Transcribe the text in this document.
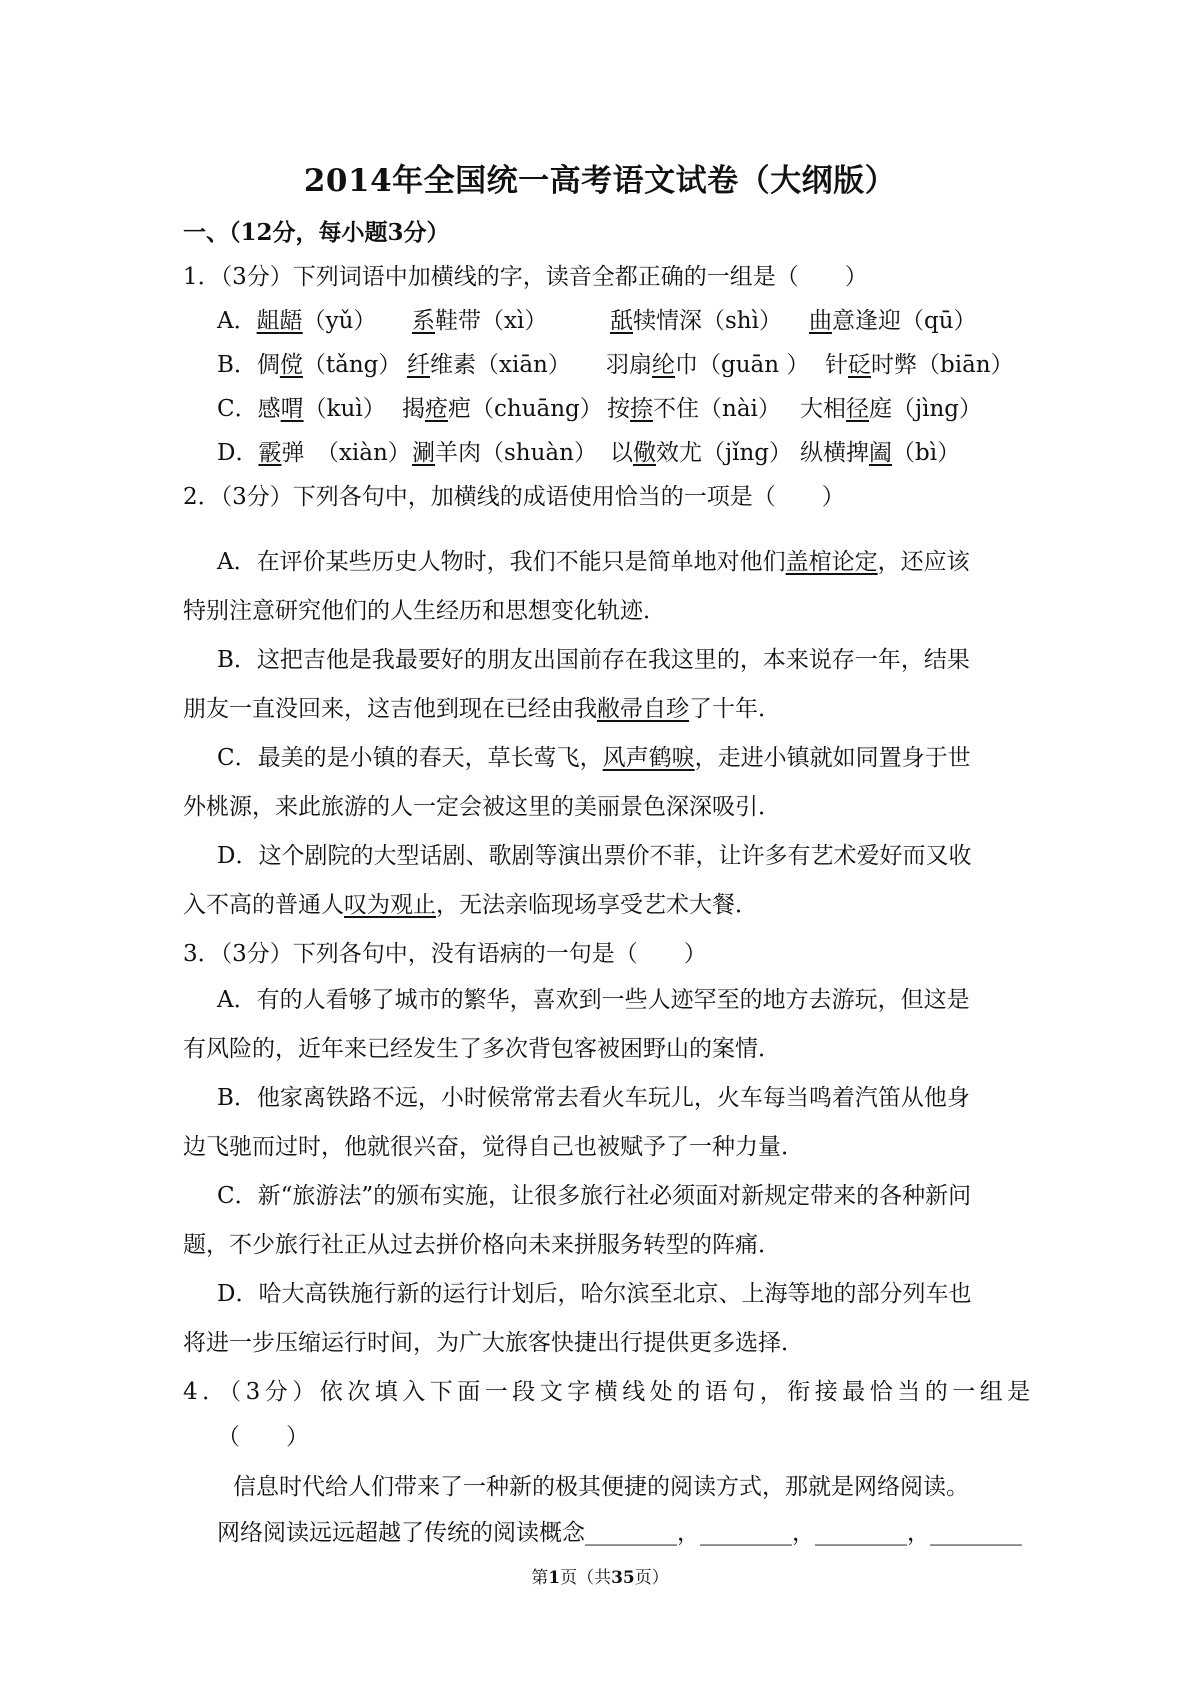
2014年全国统一高考语文试卷（大纲版）
一、（12分，每小题3分）
1．（3分）下列词语中加横线的字，读音全都正确的一组是（　　）
A．龃龉（yǔ） 系鞋带（xì）	舐犊情深（shì） 曲意逢迎（qū）
B．倜傥（tǎng） 纤维素（xiān） 羽扇纶巾（guān ） 针砭时弊（biān）
C．感喟（kuì） 揭疮疤（chuāng） 按捺不住（nài） 大相径庭（jìng）
D．霰弹　（xiàn） 涮羊肉（shuàn） 以儆效尤（jǐng） 纵横捭阖（bì）
2．（3分）下列各句中，加横线的成语使用恰当的一项是（　　）
A．在评价某些历史人物时，我们不能只是简单地对他们盖棺论定，还应该
特别注意研究他们的人生经历和思想变化轨迹．
B．这把吉他是我最要好的朋友出国前存在我这里的，本来说存一年，结果
朋友一直没回来，这吉他到现在已经由我敝帚自珍了十年．
C．最美的是小镇的春天，草长莺飞，风声鹤唳，走进小镇就如同置身于世
外桃源，来此旅游的人一定会被这里的美丽景色深深吸引．
D．这个剧院的大型话剧、歌剧等演出票价不菲，让许多有艺术爱好而又收
入不高的普通人叹为观止，无法亲临现场享受艺术大餐．
3．（3分）下列各句中，没有语病的一句是（　　）
A．有的人看够了城市的繁华，喜欢到一些人迹罕至的地方去游玩，但这是
有风险的，近年来已经发生了多次背包客被困野山的案情．
B．他家离铁路不远，小时候常常去看火车玩儿，火车每当鸣着汽笛从他身
边飞驰而过时，他就很兴奋，觉得自己也被赋予了一种力量．
C．新“旅游法”的颁布实施，让很多旅行社必须面对新规定带来的各种新问
题，不少旅行社正从过去拼价格向未来拼服务转型的阵痛．
D．哈大高铁施行新的运行计划后，哈尔滨至北京、上海等地的部分列车也
将进一步压缩运行时间，为广大旅客快捷出行提供更多选择．
4．（3分）依次填入下面一段文字横线处的语句，衔接最恰当的一组是
（　　）
信息时代给人们带来了一种新的极其便捷的阅读方式，那就是网络阅读。
网络阅读远远超越了传统的阅读概念________，________，________，________
第1页（共35页）
